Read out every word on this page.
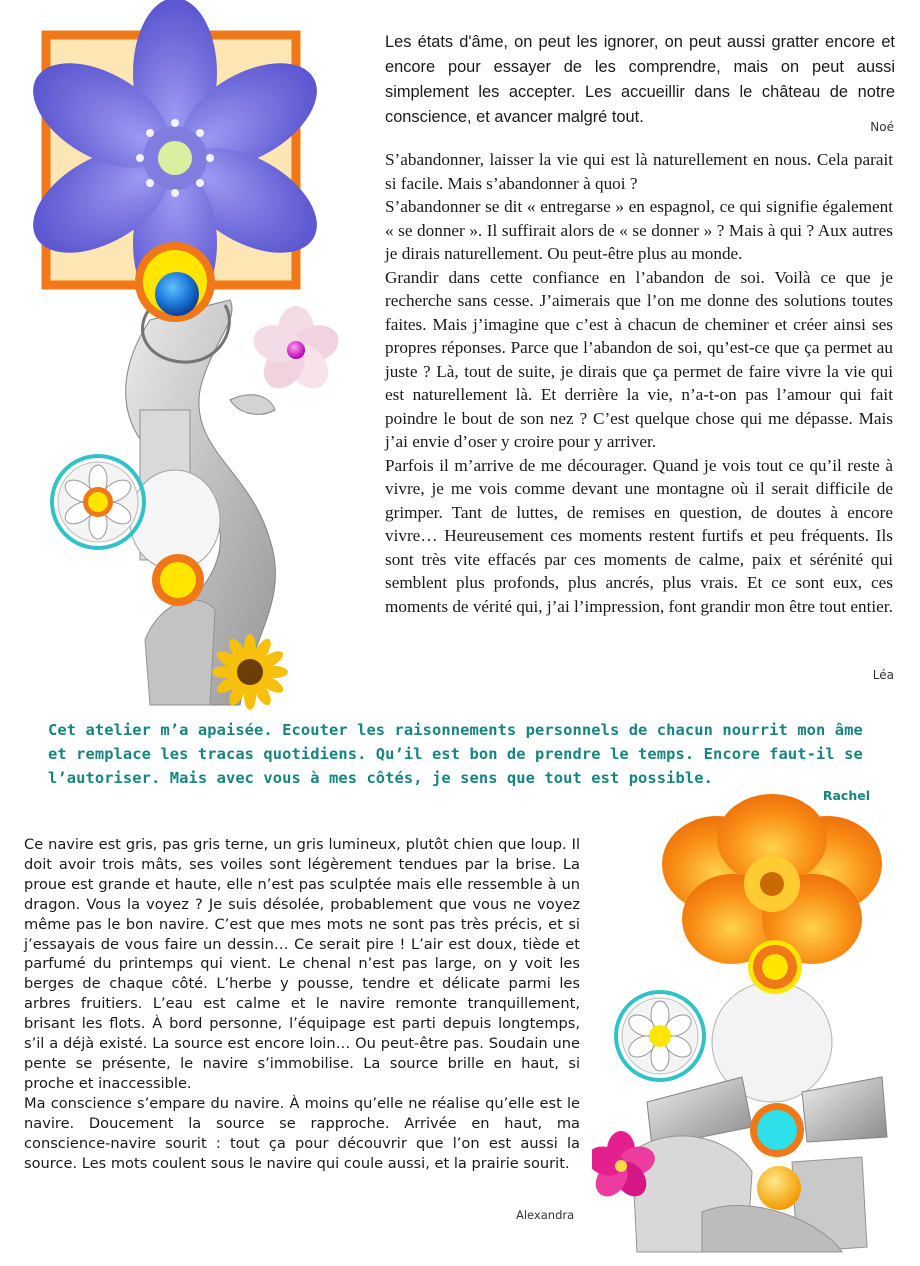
Les états d'âme, on peut les ignorer, on peut aussi gratter encore et encore pour essayer de les comprendre, mais on peut aussi simplement les accepter. Les accueillir dans le château de notre conscience, et avancer malgré tout.
Noé

S’abandonner, laisser la vie qui est là naturellement en nous. Cela parait si facile. Mais s’abandonner à quoi ?

S’abandonner se dit « entregarse » en espagnol, ce qui signifie également « se donner ». Il suffirait alors de « se donner » ? Mais à qui ? Aux autres je dirais naturellement. Ou peut-être plus au monde.

Grandir dans cette confiance en l’abandon de soi. Voilà ce que je recherche sans cesse. J’aimerais que l’on me donne des solutions toutes faites. Mais j’imagine que c’est à chacun de cheminer et créer ainsi ses propres réponses. Parce que l’abandon de soi, qu’est-ce que ça permet au juste ? Là, tout de suite, je dirais que ça permet de faire vivre la vie qui est naturellement là. Et derrière la vie, n’a-t-on pas l’amour qui fait poindre le bout de son nez ? C’est quelque chose qui me dépasse. Mais j’ai envie d’oser y croire pour y arriver.

Parfois il m’arrive de me décourager. Quand je vois tout ce qu’il reste à vivre, je me vois comme devant une montagne où il serait difficile de grimper. Tant de luttes, de remises en question, de doutes à encore vivre… Heureusement ces moments restent furtifs et peu fréquents. Ils sont très vite effacés par ces moments de calme, paix et sérénité qui semblent plus profonds, plus ancrés, plus vrais. Et ce sont eux, ces moments de vérité qui, j’ai l’impression, font grandir mon être tout entier.

Léa
Cet atelier m’a apaisée. Ecouter les raisonnements personnels de chacun nourrit mon âme et remplace les tracas quotidiens. Qu’il est bon de prendre le temps. Encore faut-il se l’autoriser. Mais avec vous à mes côtés, je sens que tout est possible.
Rachel

Ce navire est gris, pas gris terne, un gris lumineux, plutôt chien que loup. Il doit avoir trois mâts, ses voiles sont légèrement tendues par la brise. La proue est grande et haute, elle n’est pas sculptée mais elle ressemble à un dragon. Vous la voyez ? Je suis désolée, probablement que vous ne voyez même pas le bon navire. C’est que mes mots ne sont pas très précis, et si j’essayais de vous faire un dessin… Ce serait pire ! L’air est doux, tiède et parfumé du printemps qui vient. Le chenal n’est pas large, on y voit les berges de chaque côté. L’herbe y pousse, tendre et délicate parmi les arbres fruitiers. L’eau est calme et le navire remonte tranquillement, brisant les flots. À bord personne, l’équipage est parti depuis longtemps, s’il a déjà existé. La source est encore loin… Ou peut-être pas. Soudain une pente se présente, le navire s’immobilise. La source brille en haut, si proche et inaccessible.

Ma conscience s’empare du navire. À moins qu’elle ne réalise qu’elle est le navire. Doucement la source se rapproche. Arrivée en haut, ma conscience-navire sourit : tout ça pour découvrir que l’on est aussi la source. Les mots coulent sous le navire qui coule aussi, et la prairie sourit.

Alexandra
